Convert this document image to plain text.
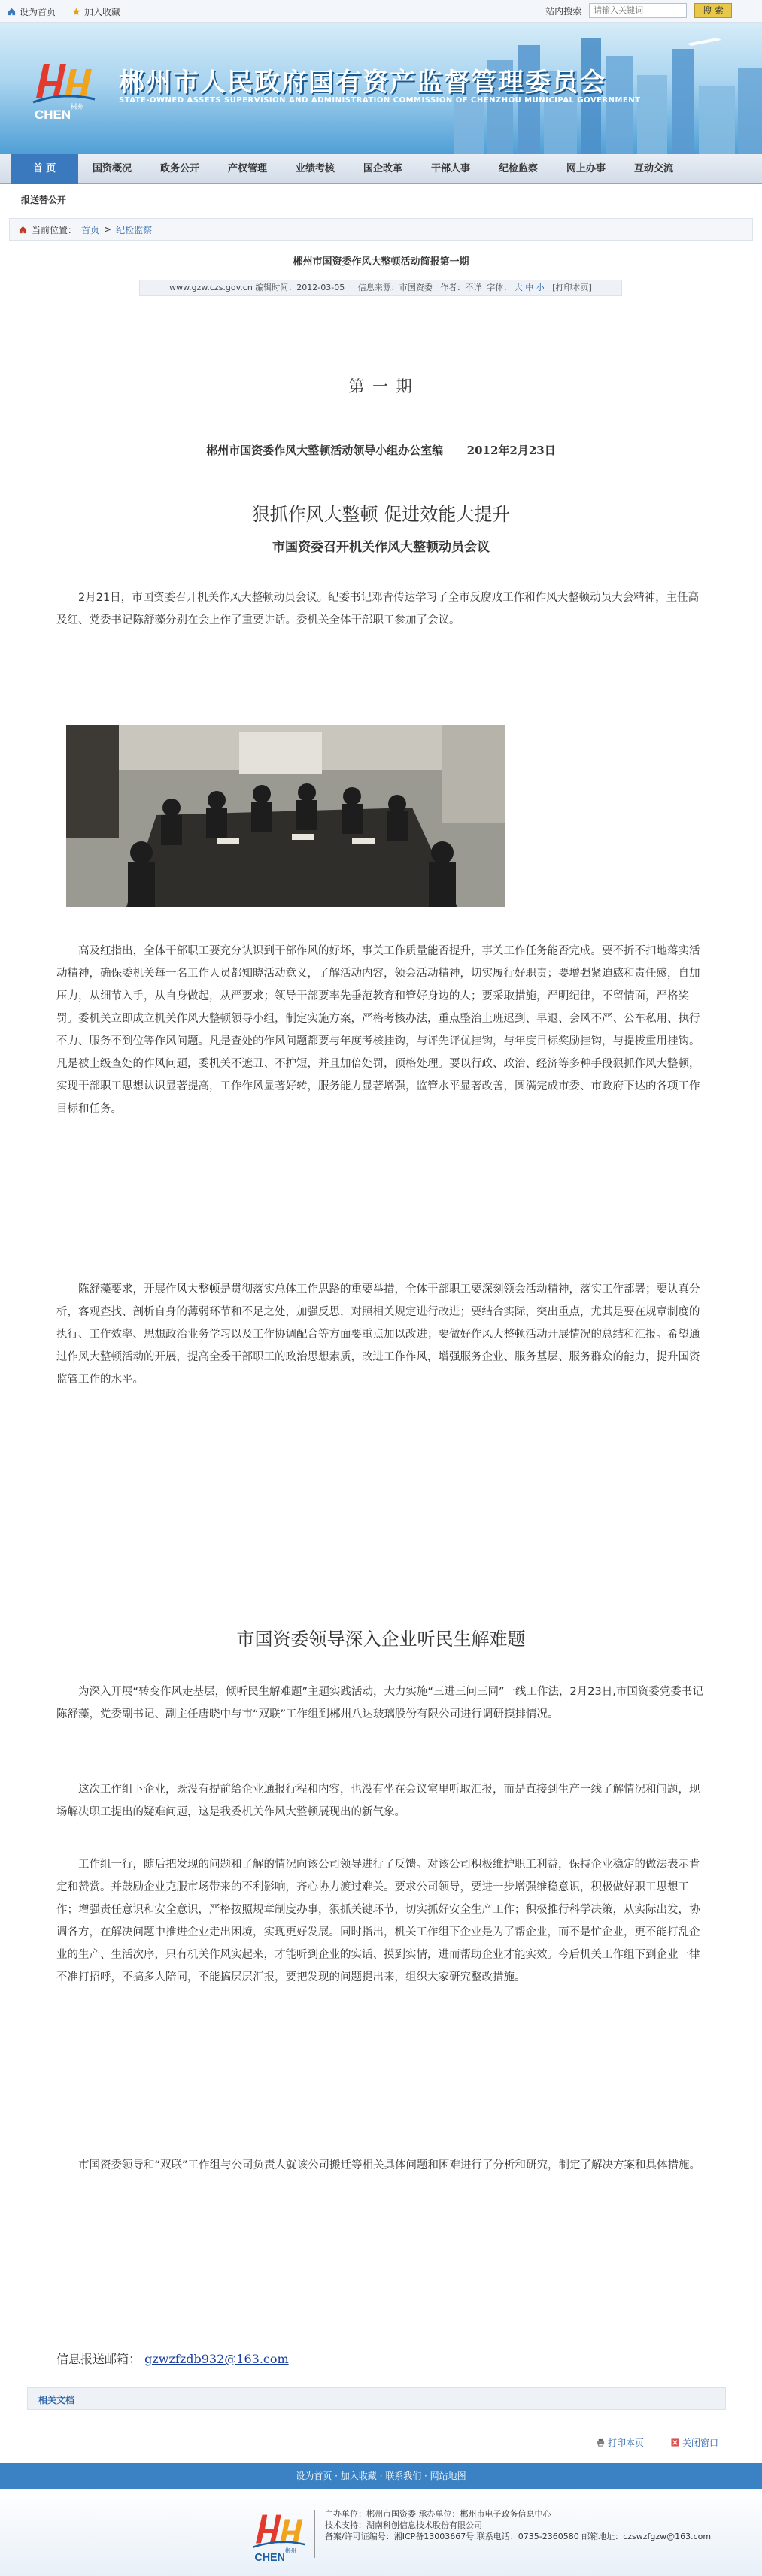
设为首页	加入收藏	站内搜索
请输入关键词	搜 索
CHEN
郴州
郴州市人民政府国有资产监督管理委员会
STATE-OWNED ASSETS SUPERVISION AND ADMINISTRATION COMMISSION OF CHENZHOU MUNICIPAL GOVERNMENT
首 页	国资概况	政务公开	产权管理	业绩考核	国企改革	干部人事	纪检监察	网上办事	互动交流
报送替公开
当前位置： 首页 > 纪检监察
郴州市国资委作风大整顿活动简报第一期
www.gzw.czs.gov.cn 编辑时间：2012-03-05 信息来源：市国资委 作者：不详 字体： 大 中 小 [打印本页]
第 一 期
郴州市国资委作风大整顿活动领导小组办公室编      2012年2月23日
狠抓作风大整顿 促进效能大提升
市国资委召开机关作风大整顿动员会议
2月21日，市国资委召开机关作风大整顿动员会议。纪委书记邓青传达学习了全市反腐败工作和作风大整顿动员大会精神，主任高及红、党委书记陈舒藻分别在会上作了重要讲话。委机关全体干部职工参加了会议。
高及红指出，全体干部职工要充分认识到干部作风的好坏，事关工作质量能否提升，事关工作任务能否完成。要不折不扣地落实活动精神，确保委机关每一名工作人员都知晓活动意义，了解活动内容，领会活动精神，切实履行好职责；要增强紧迫感和责任感，自加压力，从细节入手，从自身做起，从严要求；领导干部要率先垂范教育和管好身边的人；要采取措施，严明纪律，不留情面，严格奖罚。委机关立即成立机关作风大整顿领导小组，制定实施方案，严格考核办法，重点整治上班迟到、早退、会风不严、公车私用、执行不力、服务不到位等作风问题。凡是查处的作风问题都要与年度考核挂钩，与评先评优挂钩，与年度目标奖励挂钩，与提拔重用挂钩。凡是被上级查处的作风问题，委机关不遮丑、不护短，并且加倍处罚，顶格处理。要以行政、政治、经济等多种手段狠抓作风大整顿，实现干部职工思想认识显著提高，工作作风显著好转，服务能力显著增强，监管水平显著改善，圆满完成市委、市政府下达的各项工作目标和任务。
陈舒藻要求，开展作风大整顿是贯彻落实总体工作思路的重要举措，全体干部职工要深刻领会活动精神，落实工作部署；要认真分析，客观查找、剖析自身的薄弱环节和不足之处，加强反思，对照相关规定进行改进；要结合实际，突出重点，尤其是要在规章制度的执行、工作效率、思想政治业务学习以及工作协调配合等方面要重点加以改进；要做好作风大整顿活动开展情况的总结和汇报。希望通过作风大整顿活动的开展，提高全委干部职工的政治思想素质，改进工作作风，增强服务企业、服务基层、服务群众的能力，提升国资监管工作的水平。
市国资委领导深入企业听民生解难题
为深入开展“转变作风走基层，倾听民生解难题”主题实践活动，大力实施“三进三问三同”一线工作法，2月23日,市国资委党委书记陈舒藻，党委副书记、副主任唐晓中与市“双联”工作组到郴州八达玻璃股份有限公司进行调研摸排情况。
这次工作组下企业，既没有提前给企业通报行程和内容，也没有坐在会议室里听取汇报，而是直接到生产一线了解情况和问题，现场解决职工提出的疑难问题，这是我委机关作风大整顿展现出的新气象。
工作组一行，随后把发现的问题和了解的情况向该公司领导进行了反馈。对该公司积极维护职工利益，保持企业稳定的做法表示肯定和赞赏。并鼓励企业克服市场带来的不利影响，齐心协力渡过难关。要求公司领导，要进一步增强维稳意识，积极做好职工思想工作；增强责任意识和安全意识，严格按照规章制度办事，狠抓关键环节，切实抓好安全生产工作；积极推行科学决策，从实际出发，协调各方，在解决问题中推进企业走出困境，实现更好发展。同时指出，机关工作组下企业是为了帮企业，而不是忙企业，更不能打乱企业的生产、生活次序，只有机关作风实起来，才能听到企业的实话、摸到实情，进而帮助企业才能实效。今后机关工作组下到企业一律不准打招呼，不搞多人陪同，不能搞层层汇报，要把发现的问题提出来，组织大家研究整改措施。
市国资委领导和“双联”工作组与公司负责人就该公司搬迁等相关具体问题和困难进行了分析和研究，制定了解决方案和具体措施。
信息报送邮箱： gzwzfzdb932@163.com
相关文档
打印本页	关闭窗口
设为首页 · 加入收藏 · 联系我们 · 网站地图
CHEN
郴州
主办单位：郴州市国资委 承办单位：郴州市电子政务信息中心
技术支持：湖南科创信息技术股份有限公司
备案/许可证编号：湘ICP备13003667号 联系电话：0735-2360580 邮箱地址：czswzfgzw@163.com
